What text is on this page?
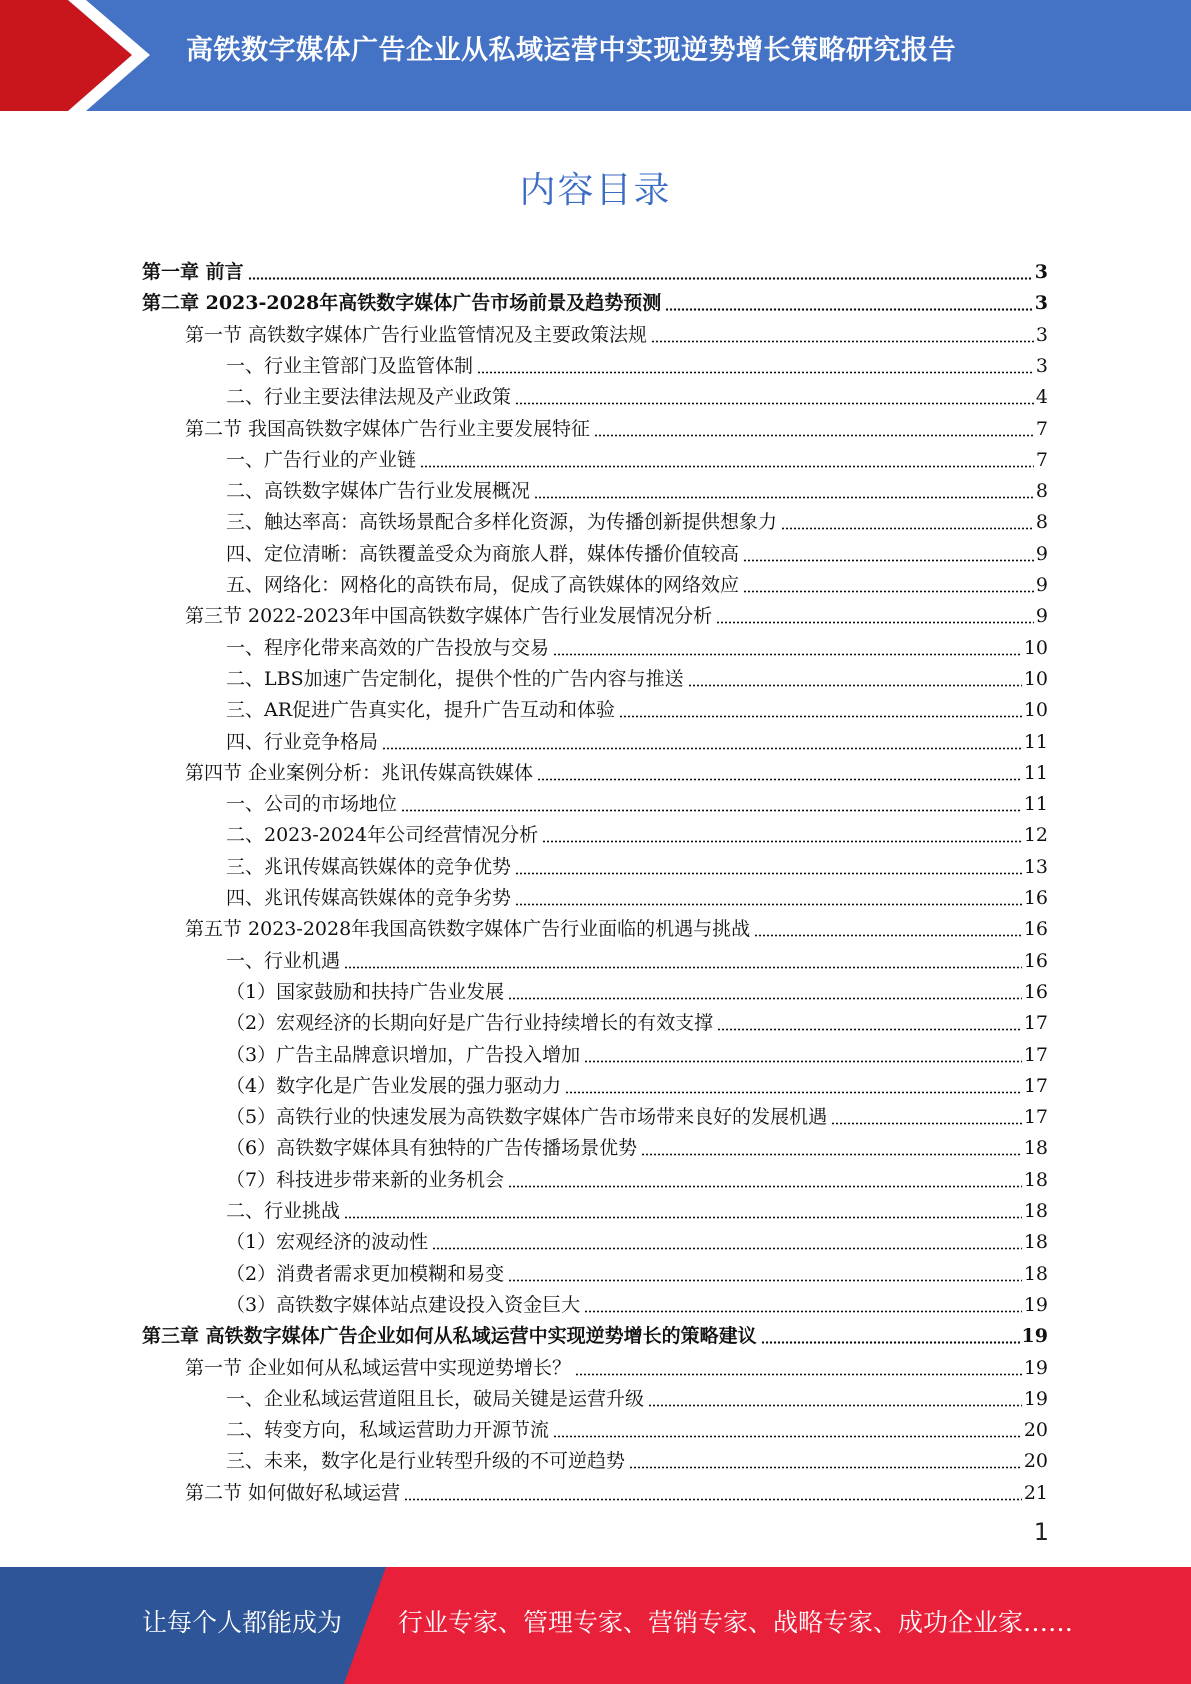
高铁数字媒体广告企业从私域运营中实现逆势增长策略研究报告
内容目录
第一章 前言	3
第二章 2023-2028年高铁数字媒体广告市场前景及趋势预测	3
第一节 高铁数字媒体广告行业监管情况及主要政策法规	3
一、行业主管部门及监管体制	3
二、行业主要法律法规及产业政策	4
第二节 我国高铁数字媒体广告行业主要发展特征	7
一、广告行业的产业链	7
二、高铁数字媒体广告行业发展概况	8
三、触达率高：高铁场景配合多样化资源，为传播创新提供想象力	8
四、定位清晰：高铁覆盖受众为商旅人群，媒体传播价值较高	9
五、网络化：网格化的高铁布局，促成了高铁媒体的网络效应	9
第三节 2022-2023年中国高铁数字媒体广告行业发展情况分析	9
一、程序化带来高效的广告投放与交易	10
二、LBS加速广告定制化，提供个性的广告内容与推送	10
三、AR促进广告真实化，提升广告互动和体验	10
四、行业竞争格局	11
第四节 企业案例分析：兆讯传媒高铁媒体	11
一、公司的市场地位	11
二、2023-2024年公司经营情况分析	12
三、兆讯传媒高铁媒体的竞争优势	13
四、兆讯传媒高铁媒体的竞争劣势	16
第五节 2023-2028年我国高铁数字媒体广告行业面临的机遇与挑战	16
一、行业机遇	16
（1）国家鼓励和扶持广告业发展	16
（2）宏观经济的长期向好是广告行业持续增长的有效支撑	17
（3）广告主品牌意识增加，广告投入增加	17
（4）数字化是广告业发展的强力驱动力	17
（5）高铁行业的快速发展为高铁数字媒体广告市场带来良好的发展机遇	17
（6）高铁数字媒体具有独特的广告传播场景优势	18
（7）科技进步带来新的业务机会	18
二、行业挑战	18
（1）宏观经济的波动性	18
（2）消费者需求更加模糊和易变	18
（3）高铁数字媒体站点建设投入资金巨大	19
第三章 高铁数字媒体广告企业如何从私域运营中实现逆势增长的策略建议	19
第一节 企业如何从私域运营中实现逆势增长？	19
一、企业私域运营道阻且长，破局关键是运营升级	19
二、转变方向，私域运营助力开源节流	20
三、未来，数字化是行业转型升级的不可逆趋势	20
第二节 如何做好私域运营	21
1
让每个人都能成为 行业专家、管理专家、营销专家、战略专家、成功企业家……
